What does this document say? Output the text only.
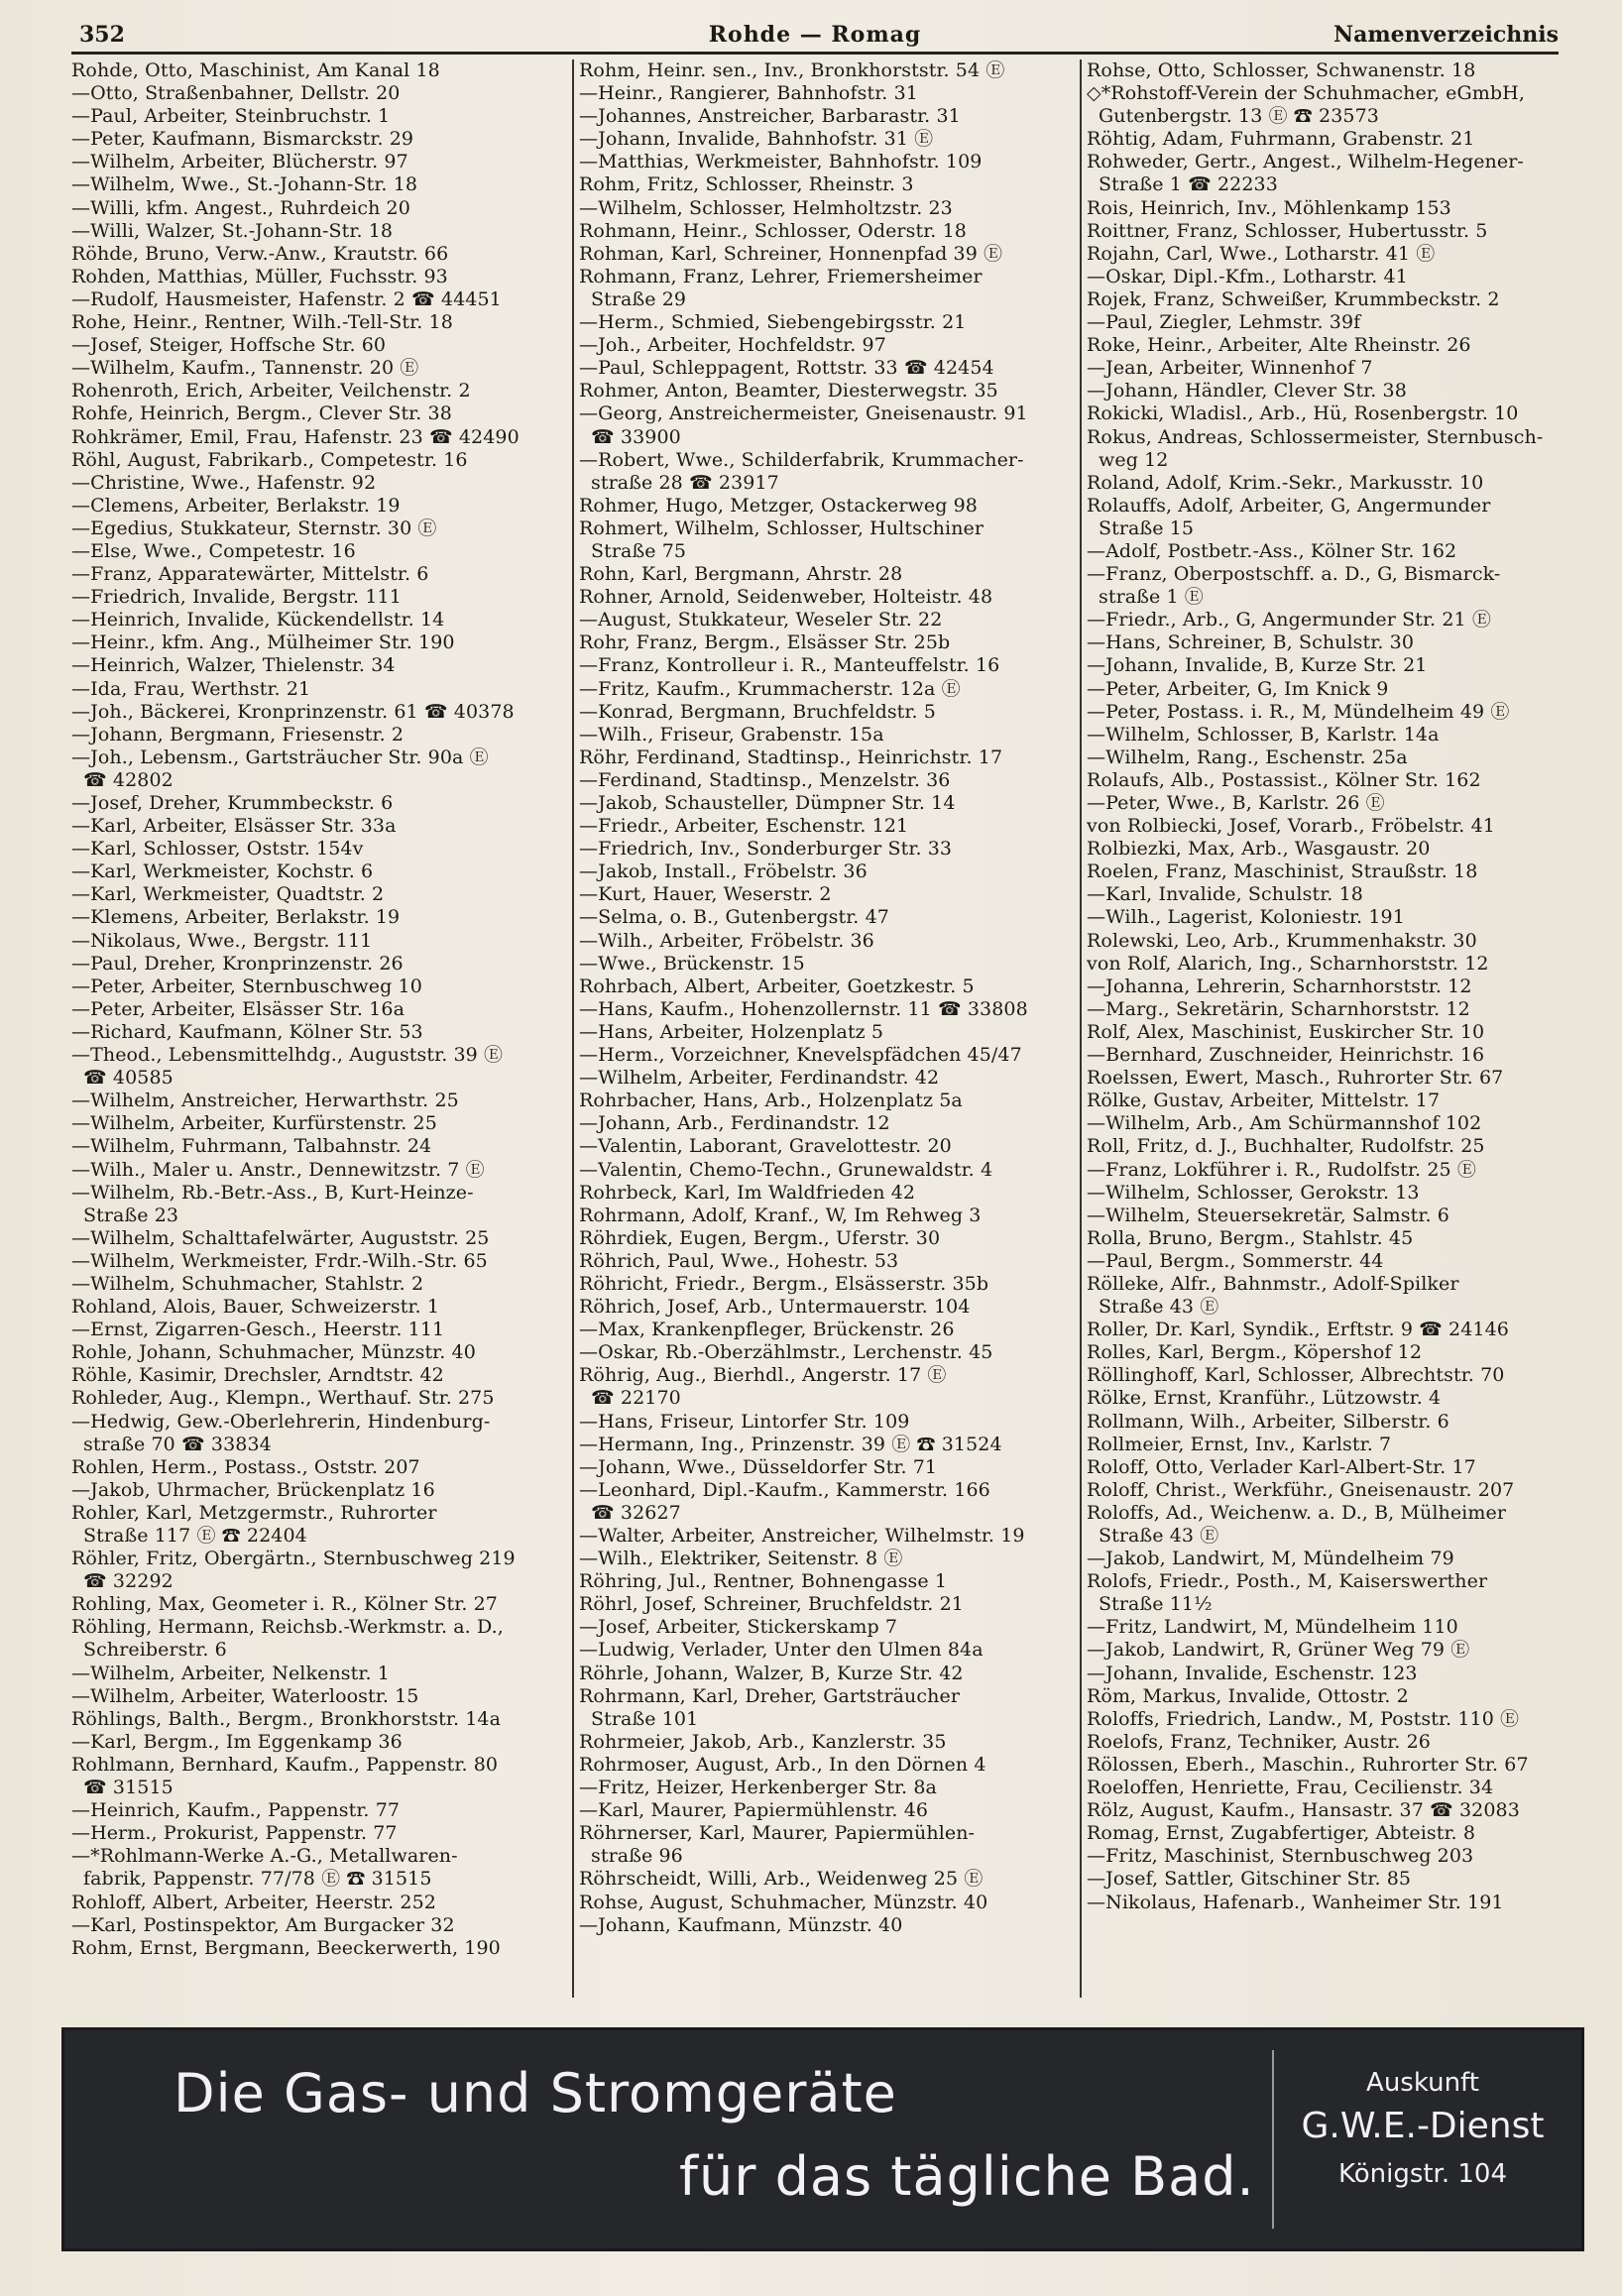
352	Rohde — Romag	Namenverzeichnis
Rohde, Otto, Maschinist, Am Kanal 18
—Otto, Straßenbahner, Dellstr. 20
—Paul, Arbeiter, Steinbruchstr. 1
—Peter, Kaufmann, Bismarckstr. 29
—Wilhelm, Arbeiter, Blücherstr. 97
—Wilhelm, Wwe., St.-Johann-Str. 18
—Willi, kfm. Angest., Ruhrdeich 20
—Willi, Walzer, St.-Johann-Str. 18
Röhde, Bruno, Verw.-Anw., Krautstr. 66
Rohden, Matthias, Müller, Fuchsstr. 93
—Rudolf, Hausmeister, Hafenstr. 2 ☎ 44451
Rohe, Heinr., Rentner, Wilh.-Tell-Str. 18
—Josef, Steiger, Hoffsche Str. 60
—Wilhelm, Kaufm., Tannenstr. 20 Ⓔ
Rohenroth, Erich, Arbeiter, Veilchenstr. 2
Rohfe, Heinrich, Bergm., Clever Str. 38
Rohkrämer, Emil, Frau, Hafenstr. 23 ☎ 42490
Röhl, August, Fabrikarb., Competestr. 16
—Christine, Wwe., Hafenstr. 92
—Clemens, Arbeiter, Berlakstr. 19
—Egedius, Stukkateur, Sternstr. 30 Ⓔ
—Else, Wwe., Competestr. 16
—Franz, Apparatewärter, Mittelstr. 6
—Friedrich, Invalide, Bergstr. 111
—Heinrich, Invalide, Kückendellstr. 14
—Heinr., kfm. Ang., Mülheimer Str. 190
—Heinrich, Walzer, Thielenstr. 34
—Ida, Frau, Werthstr. 21
—Joh., Bäckerei, Kronprinzenstr. 61 ☎ 40378
—Johann, Bergmann, Friesenstr. 2
—Joh., Lebensm., Gartsträucher Str. 90a Ⓔ
☎ 42802
—Josef, Dreher, Krummbeckstr. 6
—Karl, Arbeiter, Elsässer Str. 33a
—Karl, Schlosser, Oststr. 154v
—Karl, Werkmeister, Kochstr. 6
—Karl, Werkmeister, Quadtstr. 2
—Klemens, Arbeiter, Berlakstr. 19
—Nikolaus, Wwe., Bergstr. 111
—Paul, Dreher, Kronprinzenstr. 26
—Peter, Arbeiter, Sternbuschweg 10
—Peter, Arbeiter, Elsässer Str. 16a
—Richard, Kaufmann, Kölner Str. 53
—Theod., Lebensmittelhdg., Auguststr. 39 Ⓔ
☎ 40585
—Wilhelm, Anstreicher, Herwarthstr. 25
—Wilhelm, Arbeiter, Kurfürstenstr. 25
—Wilhelm, Fuhrmann, Talbahnstr. 24
—Wilh., Maler u. Anstr., Dennewitzstr. 7 Ⓔ
—Wilhelm, Rb.-Betr.-Ass., B, Kurt-Heinze-
Straße 23
—Wilhelm, Schalttafelwärter, Auguststr. 25
—Wilhelm, Werkmeister, Frdr.-Wilh.-Str. 65
—Wilhelm, Schuhmacher, Stahlstr. 2
Rohland, Alois, Bauer, Schweizerstr. 1
—Ernst, Zigarren-Gesch., Heerstr. 111
Rohle, Johann, Schuhmacher, Münzstr. 40
Röhle, Kasimir, Drechsler, Arndtstr. 42
Rohleder, Aug., Klempn., Werthauf. Str. 275
—Hedwig, Gew.-Oberlehrerin, Hindenburg-
straße 70 ☎ 33834
Rohlen, Herm., Postass., Oststr. 207
—Jakob, Uhrmacher, Brückenplatz 16
Rohler, Karl, Metzgermstr., Ruhrorter
Straße 117 Ⓔ ☎ 22404
Röhler, Fritz, Obergärtn., Sternbuschweg 219
☎ 32292
Rohling, Max, Geometer i. R., Kölner Str. 27
Röhling, Hermann, Reichsb.-Werkmstr. a. D.,
Schreiberstr. 6
—Wilhelm, Arbeiter, Nelkenstr. 1
—Wilhelm, Arbeiter, Waterloostr. 15
Röhlings, Balth., Bergm., Bronkhorststr. 14a
—Karl, Bergm., Im Eggenkamp 36
Rohlmann, Bernhard, Kaufm., Pappenstr. 80
☎ 31515
—Heinrich, Kaufm., Pappenstr. 77
—Herm., Prokurist, Pappenstr. 77
—*Rohlmann-Werke A.-G., Metallwaren-
fabrik, Pappenstr. 77/78 Ⓔ ☎ 31515
Rohloff, Albert, Arbeiter, Heerstr. 252
—Karl, Postinspektor, Am Burgacker 32
Rohm, Ernst, Bergmann, Beeckerwerth, 190
Rohm, Heinr. sen., Inv., Bronkhorststr. 54 Ⓔ
—Heinr., Rangierer, Bahnhofstr. 31
—Johannes, Anstreicher, Barbarastr. 31
—Johann, Invalide, Bahnhofstr. 31 Ⓔ
—Matthias, Werkmeister, Bahnhofstr. 109
Rohm, Fritz, Schlosser, Rheinstr. 3
—Wilhelm, Schlosser, Helmholtzstr. 23
Rohmann, Heinr., Schlosser, Oderstr. 18
Rohman, Karl, Schreiner, Honnenpfad 39 Ⓔ
Rohmann, Franz, Lehrer, Friemersheimer
Straße 29
—Herm., Schmied, Siebengebirgsstr. 21
—Joh., Arbeiter, Hochfeldstr. 97
—Paul, Schleppagent, Rottstr. 33 ☎ 42454
Rohmer, Anton, Beamter, Diesterwegstr. 35
—Georg, Anstreichermeister, Gneisenaustr. 91
☎ 33900
—Robert, Wwe., Schilderfabrik, Krummacher-
straße 28 ☎ 23917
Rohmer, Hugo, Metzger, Ostackerweg 98
Rohmert, Wilhelm, Schlosser, Hultschiner
Straße 75
Rohn, Karl, Bergmann, Ahrstr. 28
Rohner, Arnold, Seidenweber, Holteistr. 48
—August, Stukkateur, Weseler Str. 22
Rohr, Franz, Bergm., Elsässer Str. 25b
—Franz, Kontrolleur i. R., Manteuffelstr. 16
—Fritz, Kaufm., Krummacherstr. 12a Ⓔ
—Konrad, Bergmann, Bruchfeldstr. 5
—Wilh., Friseur, Grabenstr. 15a
Röhr, Ferdinand, Stadtinsp., Heinrichstr. 17
—Ferdinand, Stadtinsp., Menzelstr. 36
—Jakob, Schausteller, Dümpner Str. 14
—Friedr., Arbeiter, Eschenstr. 121
—Friedrich, Inv., Sonderburger Str. 33
—Jakob, Install., Fröbelstr. 36
—Kurt, Hauer, Weserstr. 2
—Selma, o. B., Gutenbergstr. 47
—Wilh., Arbeiter, Fröbelstr. 36
—Wwe., Brückenstr. 15
Rohrbach, Albert, Arbeiter, Goetzkestr. 5
—Hans, Kaufm., Hohenzollernstr. 11 ☎ 33808
—Hans, Arbeiter, Holzenplatz 5
—Herm., Vorzeichner, Knevelspfädchen 45/47
—Wilhelm, Arbeiter, Ferdinandstr. 42
Rohrbacher, Hans, Arb., Holzenplatz 5a
—Johann, Arb., Ferdinandstr. 12
—Valentin, Laborant, Gravelottestr. 20
—Valentin, Chemo-Techn., Grunewaldstr. 4
Rohrbeck, Karl, Im Waldfrieden 42
Rohrmann, Adolf, Kranf., W, Im Rehweg 3
Röhrdiek, Eugen, Bergm., Uferstr. 30
Röhrich, Paul, Wwe., Hohestr. 53
Röhricht, Friedr., Bergm., Elsässerstr. 35b
Röhrich, Josef, Arb., Untermauerstr. 104
—Max, Krankenpfleger, Brückenstr. 26
—Oskar, Rb.-Oberzählmstr., Lerchenstr. 45
Röhrig, Aug., Bierhdl., Angerstr. 17 Ⓔ
☎ 22170
—Hans, Friseur, Lintorfer Str. 109
—Hermann, Ing., Prinzenstr. 39 Ⓔ ☎ 31524
—Johann, Wwe., Düsseldorfer Str. 71
—Leonhard, Dipl.-Kaufm., Kammerstr. 166
☎ 32627
—Walter, Arbeiter, Anstreicher, Wilhelmstr. 19
—Wilh., Elektriker, Seitenstr. 8 Ⓔ
Röhring, Jul., Rentner, Bohnengasse 1
Röhrl, Josef, Schreiner, Bruchfeldstr. 21
—Josef, Arbeiter, Stickerskamp 7
—Ludwig, Verlader, Unter den Ulmen 84a
Röhrle, Johann, Walzer, B, Kurze Str. 42
Rohrmann, Karl, Dreher, Gartsträucher
Straße 101
Rohrmeier, Jakob, Arb., Kanzlerstr. 35
Rohrmoser, August, Arb., In den Dörnen 4
—Fritz, Heizer, Herkenberger Str. 8a
—Karl, Maurer, Papiermühlenstr. 46
Röhrnerser, Karl, Maurer, Papiermühlen-
straße 96
Röhrscheidt, Willi, Arb., Weidenweg 25 Ⓔ
Rohse, August, Schuhmacher, Münzstr. 40
—Johann, Kaufmann, Münzstr. 40
Rohse, Otto, Schlosser, Schwanenstr. 18
◇*Rohstoff-Verein der Schuhmacher, eGmbH,
Gutenbergstr. 13 Ⓔ ☎ 23573
Röhtig, Adam, Fuhrmann, Grabenstr. 21
Rohweder, Gertr., Angest., Wilhelm-Hegener-
Straße 1 ☎ 22233
Rois, Heinrich, Inv., Möhlenkamp 153
Roittner, Franz, Schlosser, Hubertusstr. 5
Rojahn, Carl, Wwe., Lotharstr. 41 Ⓔ
—Oskar, Dipl.-Kfm., Lotharstr. 41
Rojek, Franz, Schweißer, Krummbeckstr. 2
—Paul, Ziegler, Lehmstr. 39f
Roke, Heinr., Arbeiter, Alte Rheinstr. 26
—Jean, Arbeiter, Winnenhof 7
—Johann, Händler, Clever Str. 38
Rokicki, Wladisl., Arb., Hü, Rosenbergstr. 10
Rokus, Andreas, Schlossermeister, Sternbusch-
weg 12
Roland, Adolf, Krim.-Sekr., Markusstr. 10
Rolauffs, Adolf, Arbeiter, G, Angermunder
Straße 15
—Adolf, Postbetr.-Ass., Kölner Str. 162
—Franz, Oberpostschff. a. D., G, Bismarck-
straße 1 Ⓔ
—Friedr., Arb., G, Angermunder Str. 21 Ⓔ
—Hans, Schreiner, B, Schulstr. 30
—Johann, Invalide, B, Kurze Str. 21
—Peter, Arbeiter, G, Im Knick 9
—Peter, Postass. i. R., M, Mündelheim 49 Ⓔ
—Wilhelm, Schlosser, B, Karlstr. 14a
—Wilhelm, Rang., Eschenstr. 25a
Rolaufs, Alb., Postassist., Kölner Str. 162
—Peter, Wwe., B, Karlstr. 26 Ⓔ
von Rolbiecki, Josef, Vorarb., Fröbelstr. 41
Rolbiezki, Max, Arb., Wasgaustr. 20
Roelen, Franz, Maschinist, Straußstr. 18
—Karl, Invalide, Schulstr. 18
—Wilh., Lagerist, Koloniestr. 191
Rolewski, Leo, Arb., Krummenhakstr. 30
von Rolf, Alarich, Ing., Scharnhorststr. 12
—Johanna, Lehrerin, Scharnhorststr. 12
—Marg., Sekretärin, Scharnhorststr. 12
Rolf, Alex, Maschinist, Euskircher Str. 10
—Bernhard, Zuschneider, Heinrichstr. 16
Roelssen, Ewert, Masch., Ruhrorter Str. 67
Rölke, Gustav, Arbeiter, Mittelstr. 17
—Wilhelm, Arb., Am Schürmannshof 102
Roll, Fritz, d. J., Buchhalter, Rudolfstr. 25
—Franz, Lokführer i. R., Rudolfstr. 25 Ⓔ
—Wilhelm, Schlosser, Gerokstr. 13
—Wilhelm, Steuersekretär, Salmstr. 6
Rolla, Bruno, Bergm., Stahlstr. 45
—Paul, Bergm., Sommerstr. 44
Rölleke, Alfr., Bahnmstr., Adolf-Spilker
Straße 43 Ⓔ
Roller, Dr. Karl, Syndik., Erftstr. 9 ☎ 24146
Rolles, Karl, Bergm., Köpershof 12
Röllinghoff, Karl, Schlosser, Albrechtstr. 70
Rölke, Ernst, Kranführ., Lützowstr. 4
Rollmann, Wilh., Arbeiter, Silberstr. 6
Rollmeier, Ernst, Inv., Karlstr. 7
Roloff, Otto, Verlader Karl-Albert-Str. 17
Roloff, Christ., Werkführ., Gneisenaustr. 207
Roloffs, Ad., Weichenw. a. D., B, Mülheimer
Straße 43 Ⓔ
—Jakob, Landwirt, M, Mündelheim 79
Rolofs, Friedr., Posth., M, Kaiserswerther
Straße 11½
—Fritz, Landwirt, M, Mündelheim 110
—Jakob, Landwirt, R, Grüner Weg 79 Ⓔ
—Johann, Invalide, Eschenstr. 123
Röm, Markus, Invalide, Ottostr. 2
Roloffs, Friedrich, Landw., M, Poststr. 110 Ⓔ
Roelofs, Franz, Techniker, Austr. 26
Rölossen, Eberh., Maschin., Ruhrorter Str. 67
Roeloffen, Henriette, Frau, Cecilienstr. 34
Rölz, August, Kaufm., Hansastr. 37 ☎ 32083
Romag, Ernst, Zugabfertiger, Abteistr. 8
—Fritz, Maschinist, Sternbuschweg 203
—Josef, Sattler, Gitschiner Str. 85
—Nikolaus, Hafenarb., Wanheimer Str. 191
Die Gas- und Stromgeräte
für das tägliche Bad.
Auskunft
G.W.E.-Dienst
Königstr. 104
